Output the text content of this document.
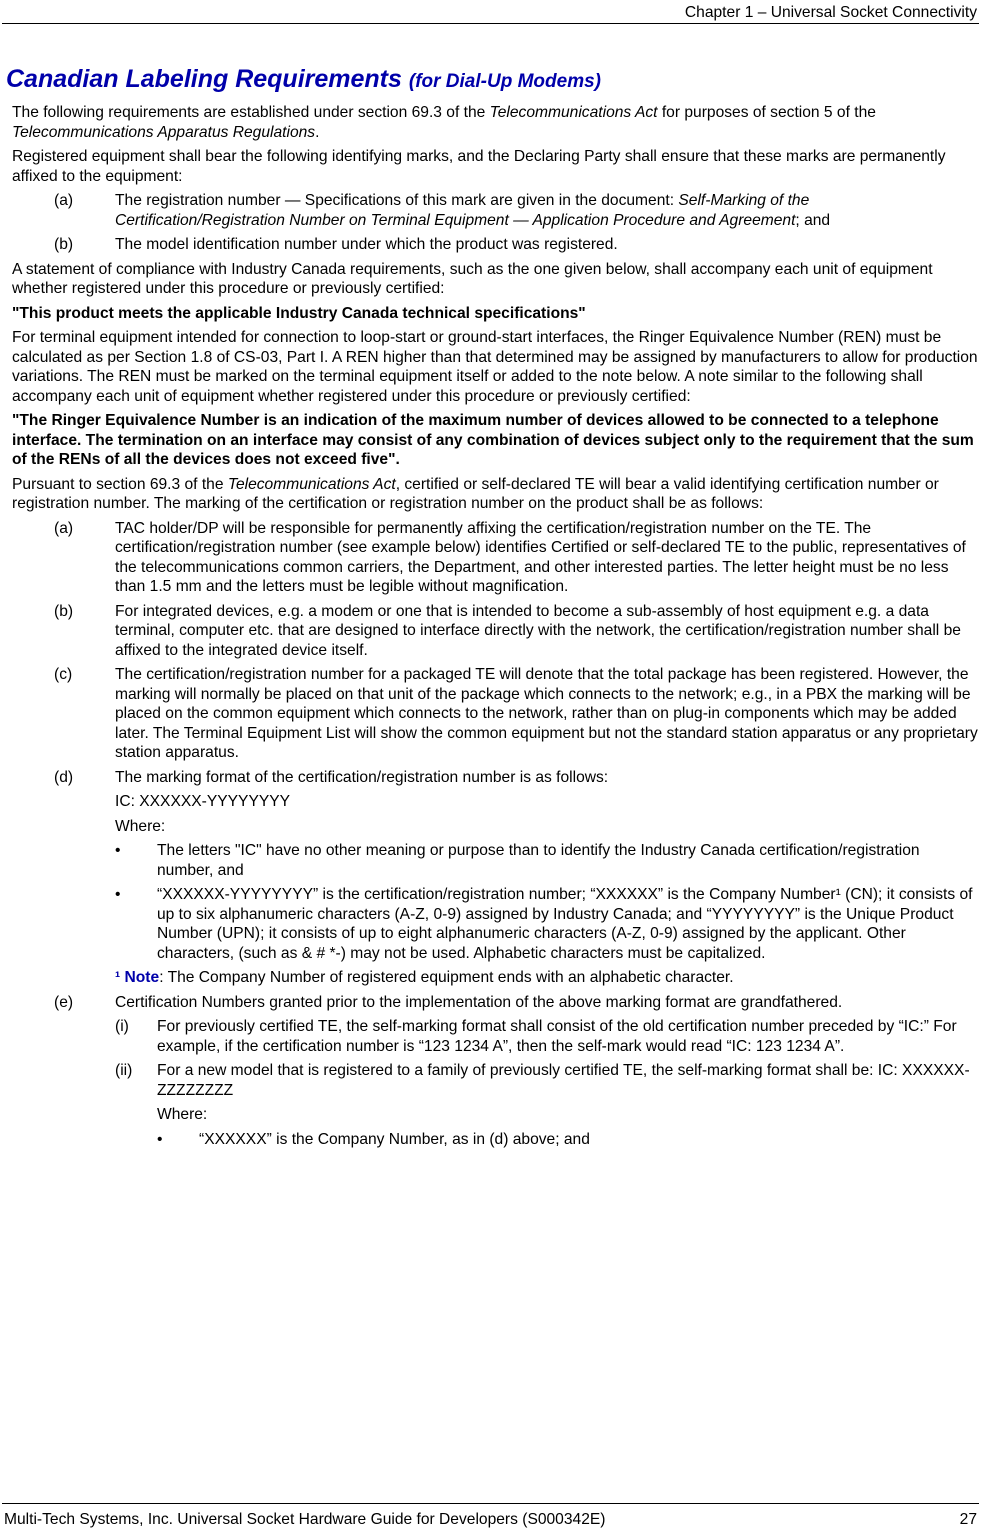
Chapter 1 – Universal Socket Connectivity
Canadian Labeling Requirements (for Dial-Up Modems)

The following requirements are established under section 69.3 of the Telecommunications Act for purposes of section 5 of the Telecommunications Apparatus Regulations.

Registered equipment shall bear the following identifying marks, and the Declaring Party shall ensure that these marks are permanently affixed to the equipment:

(a)	The registration number — Specifications of this mark are given in the document: Self-Marking of the Certification/Registration Number on Terminal Equipment — Application Procedure and Agreement; and
(b)	The model identification number under which the product was registered.

A statement of compliance with Industry Canada requirements, such as the one given below, shall accompany each unit of equipment whether registered under this procedure or previously certified:

"This product meets the applicable Industry Canada technical specifications"

For terminal equipment intended for connection to loop-start or ground-start interfaces, the Ringer Equivalence Number (REN) must be calculated as per Section 1.8 of CS-03, Part I. A REN higher than that determined may be assigned by manufacturers to allow for production variations. The REN must be marked on the terminal equipment itself or added to the note below. A note similar to the following shall accompany each unit of equipment whether registered under this procedure or previously certified:

"The Ringer Equivalence Number is an indication of the maximum number of devices allowed to be connected to a telephone interface. The termination on an interface may consist of any combination of devices subject only to the requirement that the sum of the RENs of all the devices does not exceed five".

Pursuant to section 69.3 of the Telecommunications Act, certified or self-declared TE will bear a valid identifying certification number or registration number. The marking of the certification or registration number on the product shall be as follows:

(a)	TAC holder/DP will be responsible for permanently affixing the certification/registration number on the TE. The certification/registration number (see example below) identifies Certified or self-declared TE to the public, representatives of the telecommunications common carriers, the Department, and other interested parties. The letter height must be no less than 1.5 mm and the letters must be legible without magnification.
(b)	For integrated devices, e.g. a modem or one that is intended to become a sub-assembly of host equipment e.g. a data terminal, computer etc. that are designed to interface directly with the network, the certification/registration number shall be affixed to the integrated device itself.
(c)	The certification/registration number for a packaged TE will denote that the total package has been registered. However, the marking will normally be placed on that unit of the package which connects to the network; e.g., in a PBX the marking will be placed on the common equipment which connects to the network, rather than on plug-in components which may be added later. The Terminal Equipment List will show the common equipment but not the standard station apparatus or any proprietary station apparatus.
(d)	The marking format of the certification/registration number is as follows:
IC: XXXXXX-YYYYYYYY
Where:
• The letters "IC" have no other meaning or purpose than to identify the Industry Canada certification/registration number, and
• “XXXXXX-YYYYYYYY” is the certification/registration number; “XXXXXX” is the Company Number¹ (CN); it consists of up to six alphanumeric characters (A-Z, 0-9) assigned by Industry Canada; and “YYYYYYYY” is the Unique Product Number (UPN); it consists of up to eight alphanumeric characters (A-Z, 0-9) assigned by the applicant. Other characters, (such as & # *-) may not be used. Alphabetic characters must be capitalized.
¹ Note: The Company Number of registered equipment ends with an alphabetic character.
(e)	Certification Numbers granted prior to the implementation of the above marking format are grandfathered.
(i) For previously certified TE, the self-marking format shall consist of the old certification number preceded by “IC:” For example, if the certification number is “123 1234 A”, then the self-mark would read “IC: 123 1234 A”.
(ii) For a new model that is registered to a family of previously certified TE, the self-marking format shall be: IC: XXXXXX-ZZZZZZZZ
Where:
• “XXXXXX” is the Company Number, as in (d) above; and
Multi-Tech Systems, Inc. Universal Socket Hardware Guide for Developers (S000342E)	27
